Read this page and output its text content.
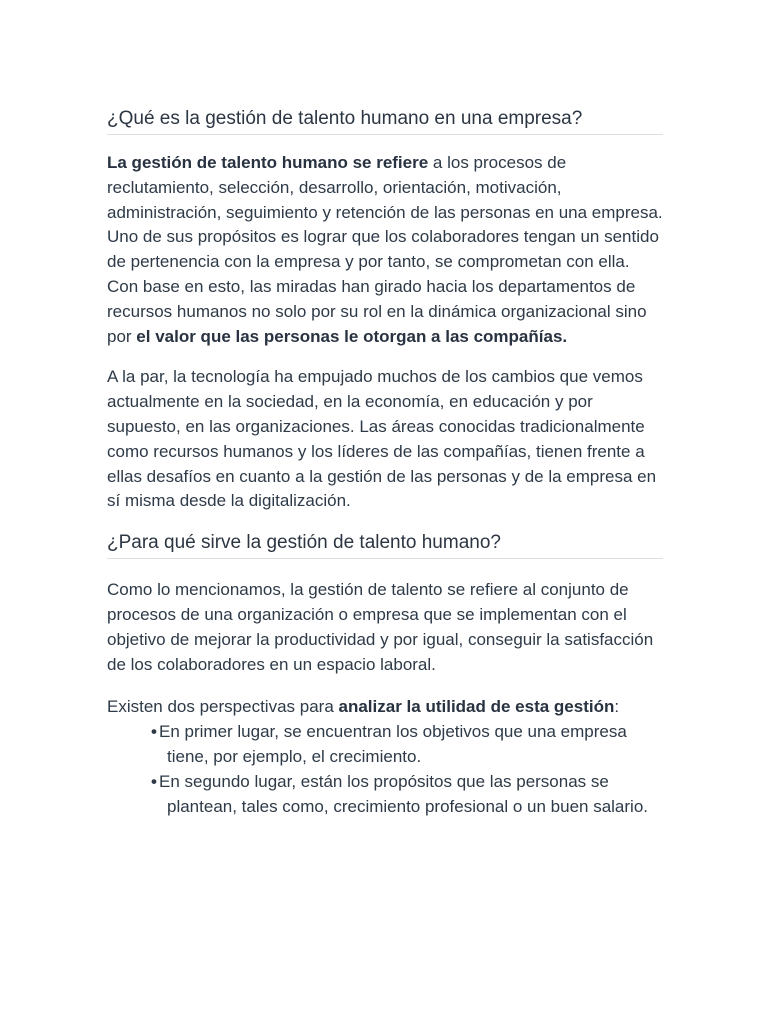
¿Qué es la gestión de talento humano en una empresa?

La gestión de talento humano se refiere a los procesos de reclutamiento, selección, desarrollo, orientación, motivación, administración, seguimiento y retención de las personas en una empresa. Uno de sus propósitos es lograr que los colaboradores tengan un sentido de pertenencia con la empresa y por tanto, se comprometan con ella.

Con base en esto, las miradas han girado hacia los departamentos de recursos humanos no solo por su rol en la dinámica organizacional sino por el valor que las personas le otorgan a las compañías.

A la par, la tecnología ha empujado muchos de los cambios que vemos actualmente en la sociedad, en la economía, en educación y por supuesto, en las organizaciones. Las áreas conocidas tradicionalmente como recursos humanos y los líderes de las compañías, tienen frente a ellas desafíos en cuanto a la gestión de las personas y de la empresa en sí misma desde la digitalización.

¿Para qué sirve la gestión de talento humano?

Como lo mencionamos, la gestión de talento se refiere al conjunto de procesos de una organización o empresa que se implementan con el objetivo de mejorar la productividad y por igual, conseguir la satisfacción de los colaboradores en un espacio laboral.

Existen dos perspectivas para analizar la utilidad de esta gestión:

• En primer lugar, se encuentran los objetivos que una empresa tiene, por ejemplo, el crecimiento.
• En segundo lugar, están los propósitos que las personas se plantean, tales como, crecimiento profesional o un buen salario.
